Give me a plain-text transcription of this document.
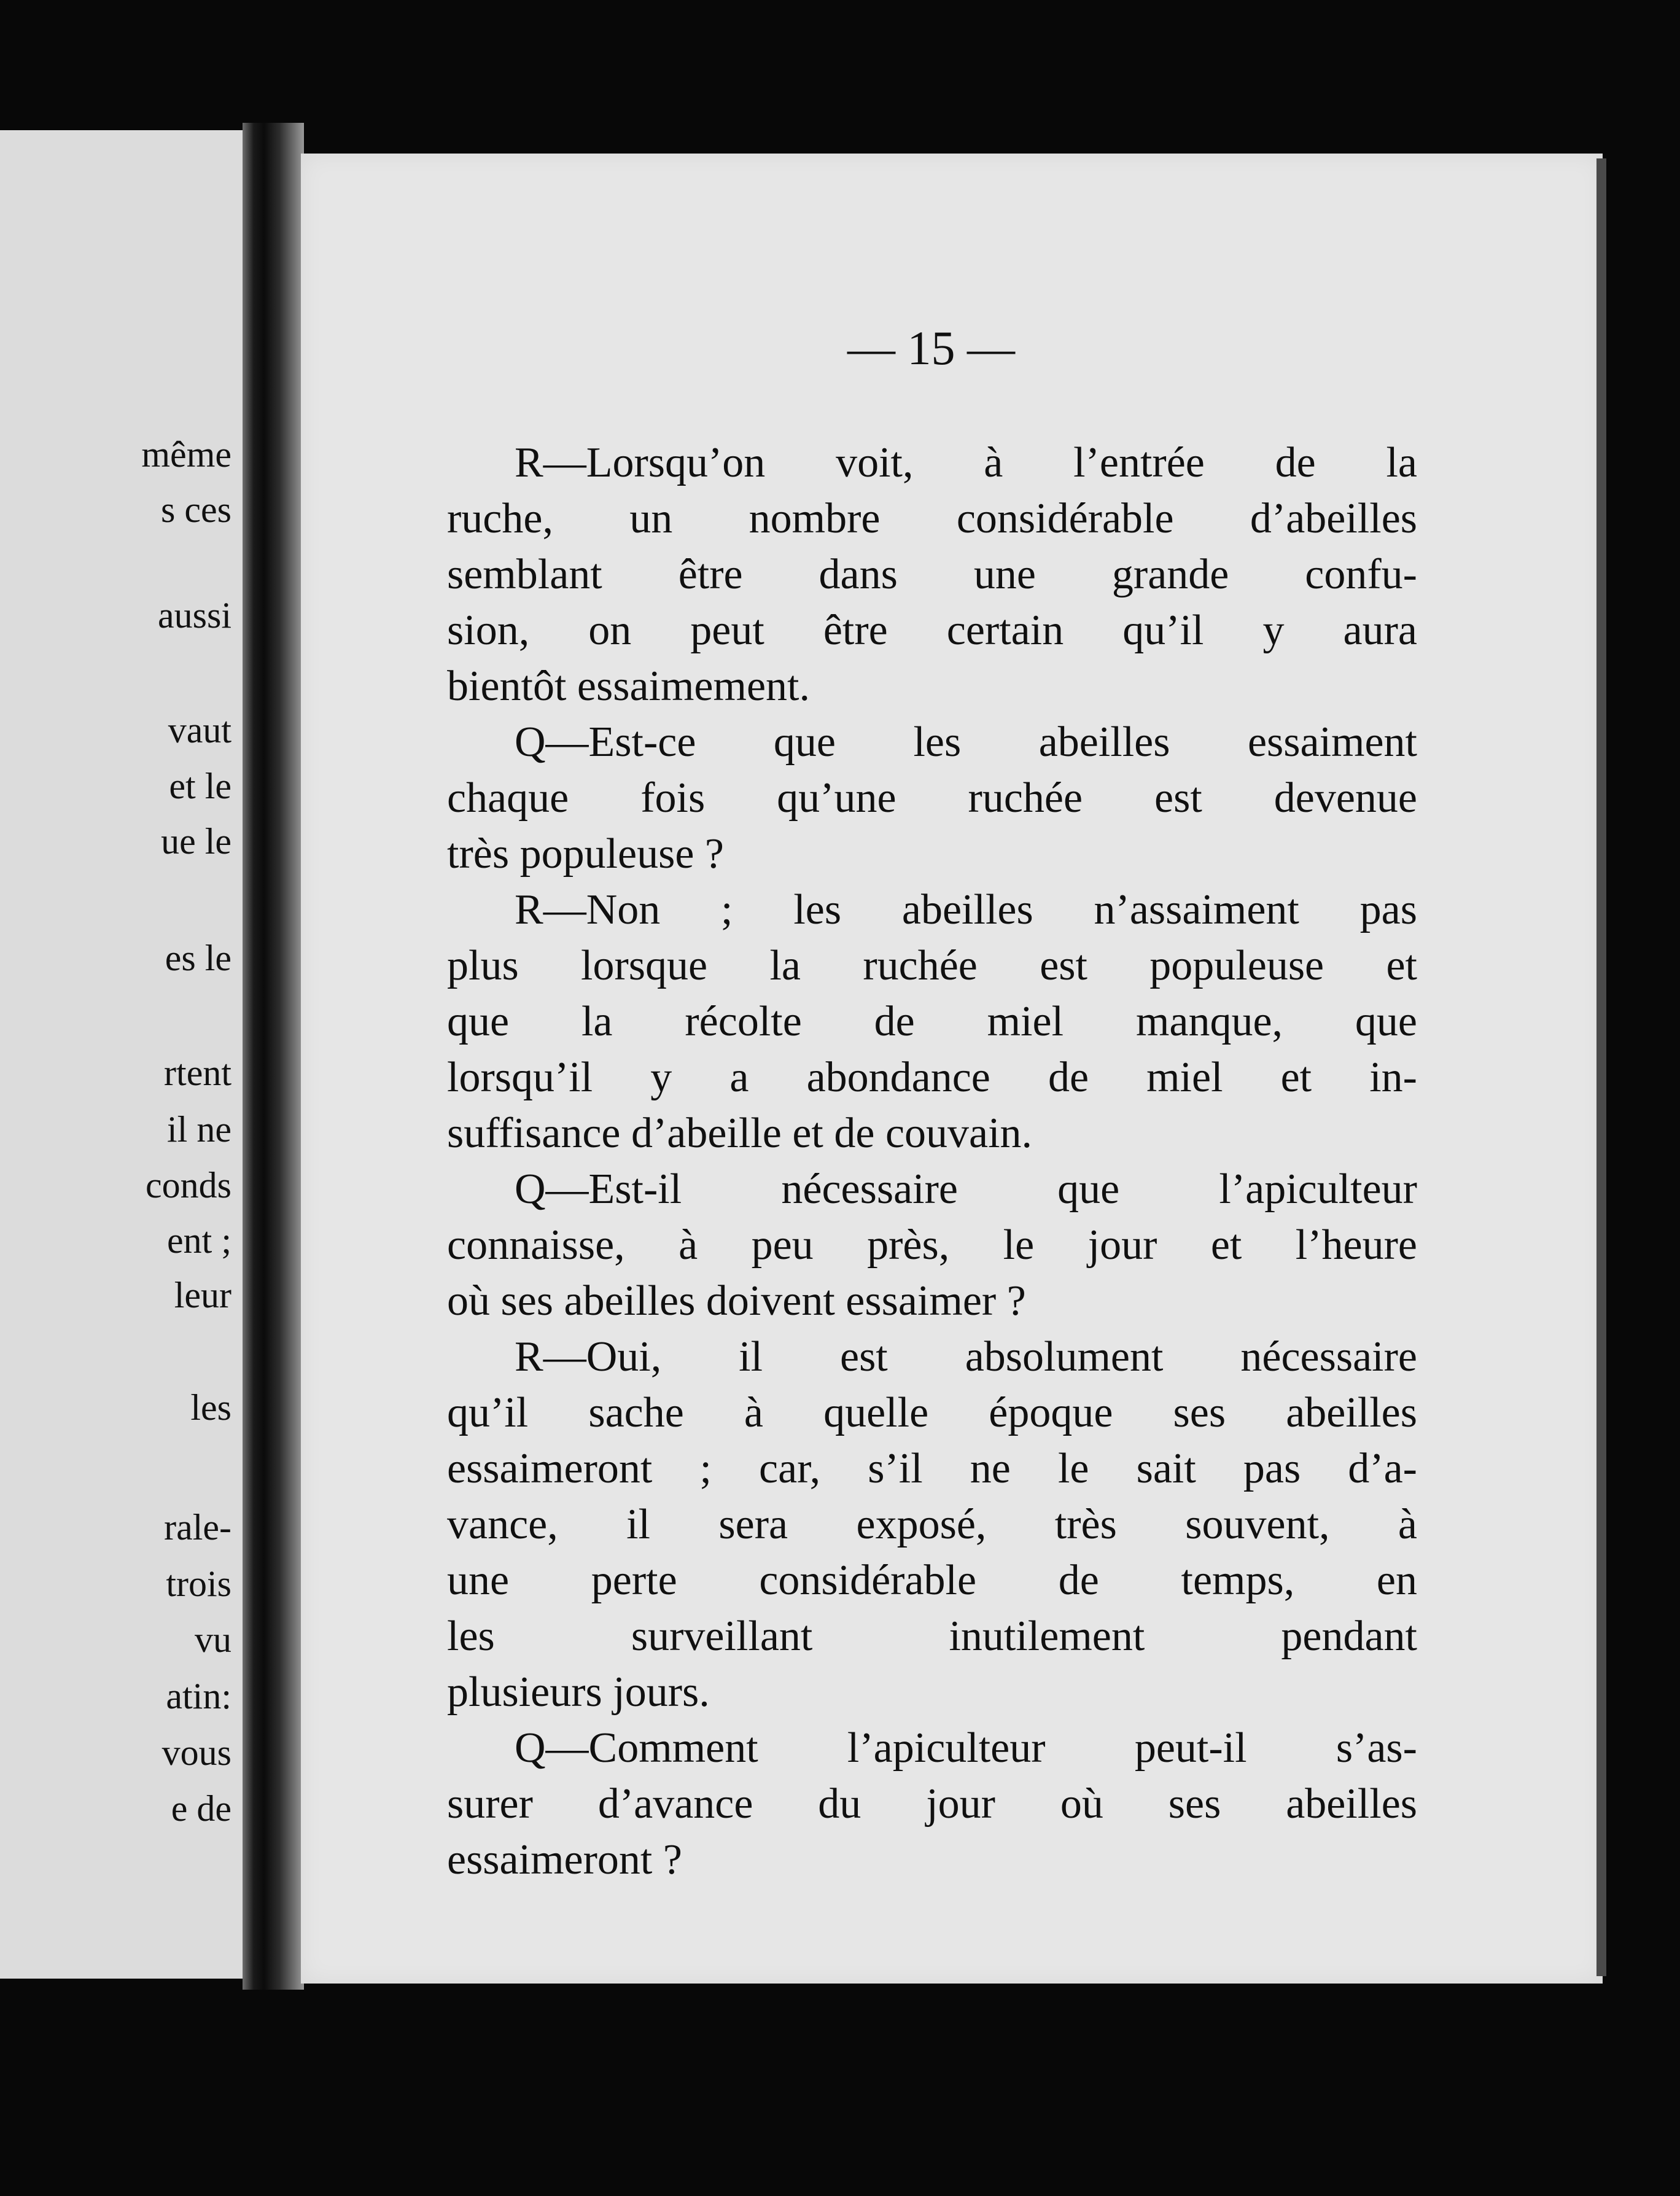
même
s ces
aussi
vaut
et le
ue le
es le
rtent
il ne
conds
ent ;
leur
les
rale-
trois
vu
atin:
vous
e de
— 15 —
R—Lorsqu’on voit, à l’entrée de la
ruche, un nombre considérable d’abeilles
semblant être dans une grande confu-
sion, on peut être certain qu’il y aura
bientôt essaimement.
Q—Est-ce que les abeilles essaiment
chaque fois qu’une ruchée est devenue
très populeuse ?
R—Non ; les abeilles n’assaiment pas
plus lorsque la ruchée est populeuse et
que la récolte de miel manque, que
lorsqu’il y a abondance de miel et in-
suffisance d’abeille et de couvain.
Q—Est-il nécessaire que l’apiculteur
connaisse, à peu près, le jour et l’heure
où ses abeilles doivent essaimer ?
R—Oui, il est absolument nécessaire
qu’il sache à quelle époque ses abeilles
essaimeront ; car, s’il ne le sait pas d’a-
vance, il sera exposé, très souvent, à
une perte considérable de temps, en
les surveillant inutilement pendant
plusieurs jours.
Q—Comment l’apiculteur peut-il s’as-
surer d’avance du jour où ses abeilles
essaimeront ?
